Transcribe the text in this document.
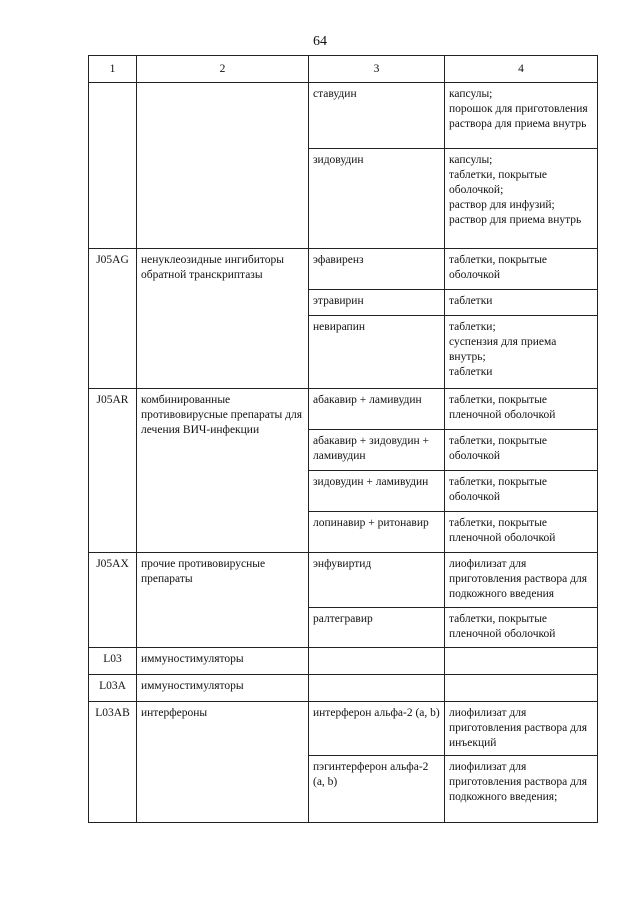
64
1	2	3	4
		ставудин	капсулы;
порошок для приготовления раствора для приема внутрь
		зидовудин	капсулы;
таблетки, покрытые оболочкой;
раствор для инфузий;
раствор для приема внутрь
J05AG	ненуклеозидные ингибиторы обратной транскриптазы	эфавиренз	таблетки, покрытые оболочкой
		этравирин	таблетки
		невирапин	таблетки;
суспензия для приема внутрь;
таблетки
J05AR	комбинированные противовирусные препараты для лечения ВИЧ-инфекции	абакавир + ламивудин	таблетки, покрытые пленочной оболочкой
		абакавир + зидовудин + ламивудин	таблетки, покрытые оболочкой
		зидовудин + ламивудин	таблетки, покрытые оболочкой
		лопинавир + ритонавир	таблетки, покрытые пленочной оболочкой
J05AX	прочие противовирусные препараты	энфувиртид	лиофилизат для приготовления раствора для подкожного введения
		ралтегравир	таблетки, покрытые пленочной оболочкой
L03	иммуностимуляторы		
L03A	иммуностимуляторы		
L03AB	интерфероны	интерферон альфа-2 (a, b)	лиофилизат для приготовления раствора для инъекций
		пэгинтерферон альфа-2 (a, b)	лиофилизат для приготовления раствора для подкожного введения;
